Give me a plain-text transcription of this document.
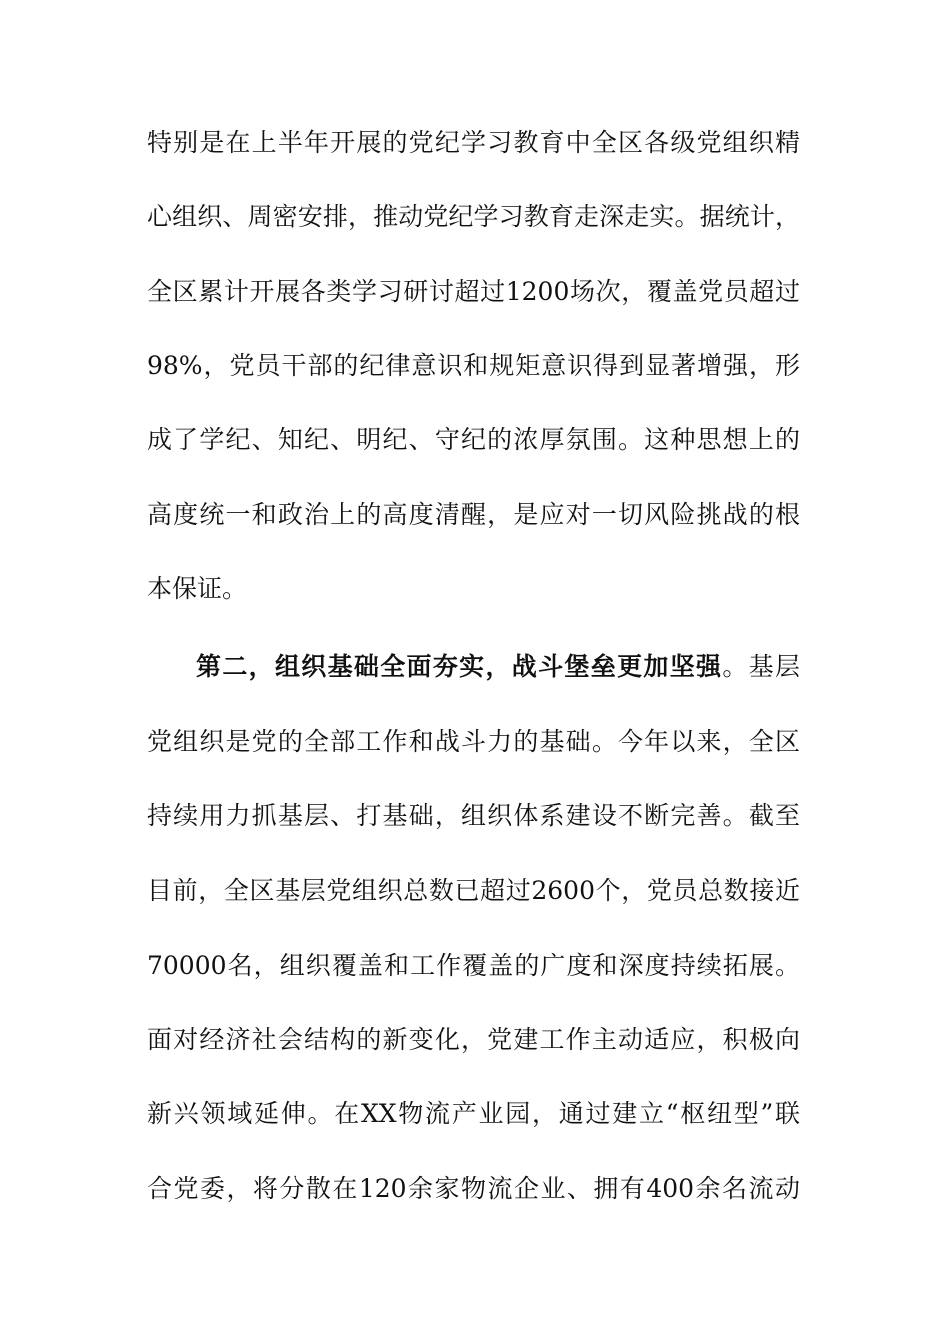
特别是在上半年开展的党纪学习教育中全区各级党组织精
心组织、周密安排，推动党纪学习教育走深走实。据统计，
全区累计开展各类学习研讨超过1200场次，覆盖党员超过
98%，党员干部的纪律意识和规矩意识得到显著增强，形
成了学纪、知纪、明纪、守纪的浓厚氛围。这种思想上的
高度统一和政治上的高度清醒，是应对一切风险挑战的根
本保证。
第二，组织基础全面夯实，战斗堡垒更加坚强。基层
党组织是党的全部工作和战斗力的基础。今年以来，全区
持续用力抓基层、打基础，组织体系建设不断完善。截至
目前，全区基层党组织总数已超过2600个，党员总数接近
70000名，组织覆盖和工作覆盖的广度和深度持续拓展。
面对经济社会结构的新变化，党建工作主动适应，积极向
新兴领域延伸。在XX物流产业园，通过建立“枢纽型”联
合党委，将分散在120余家物流企业、拥有400余名流动
